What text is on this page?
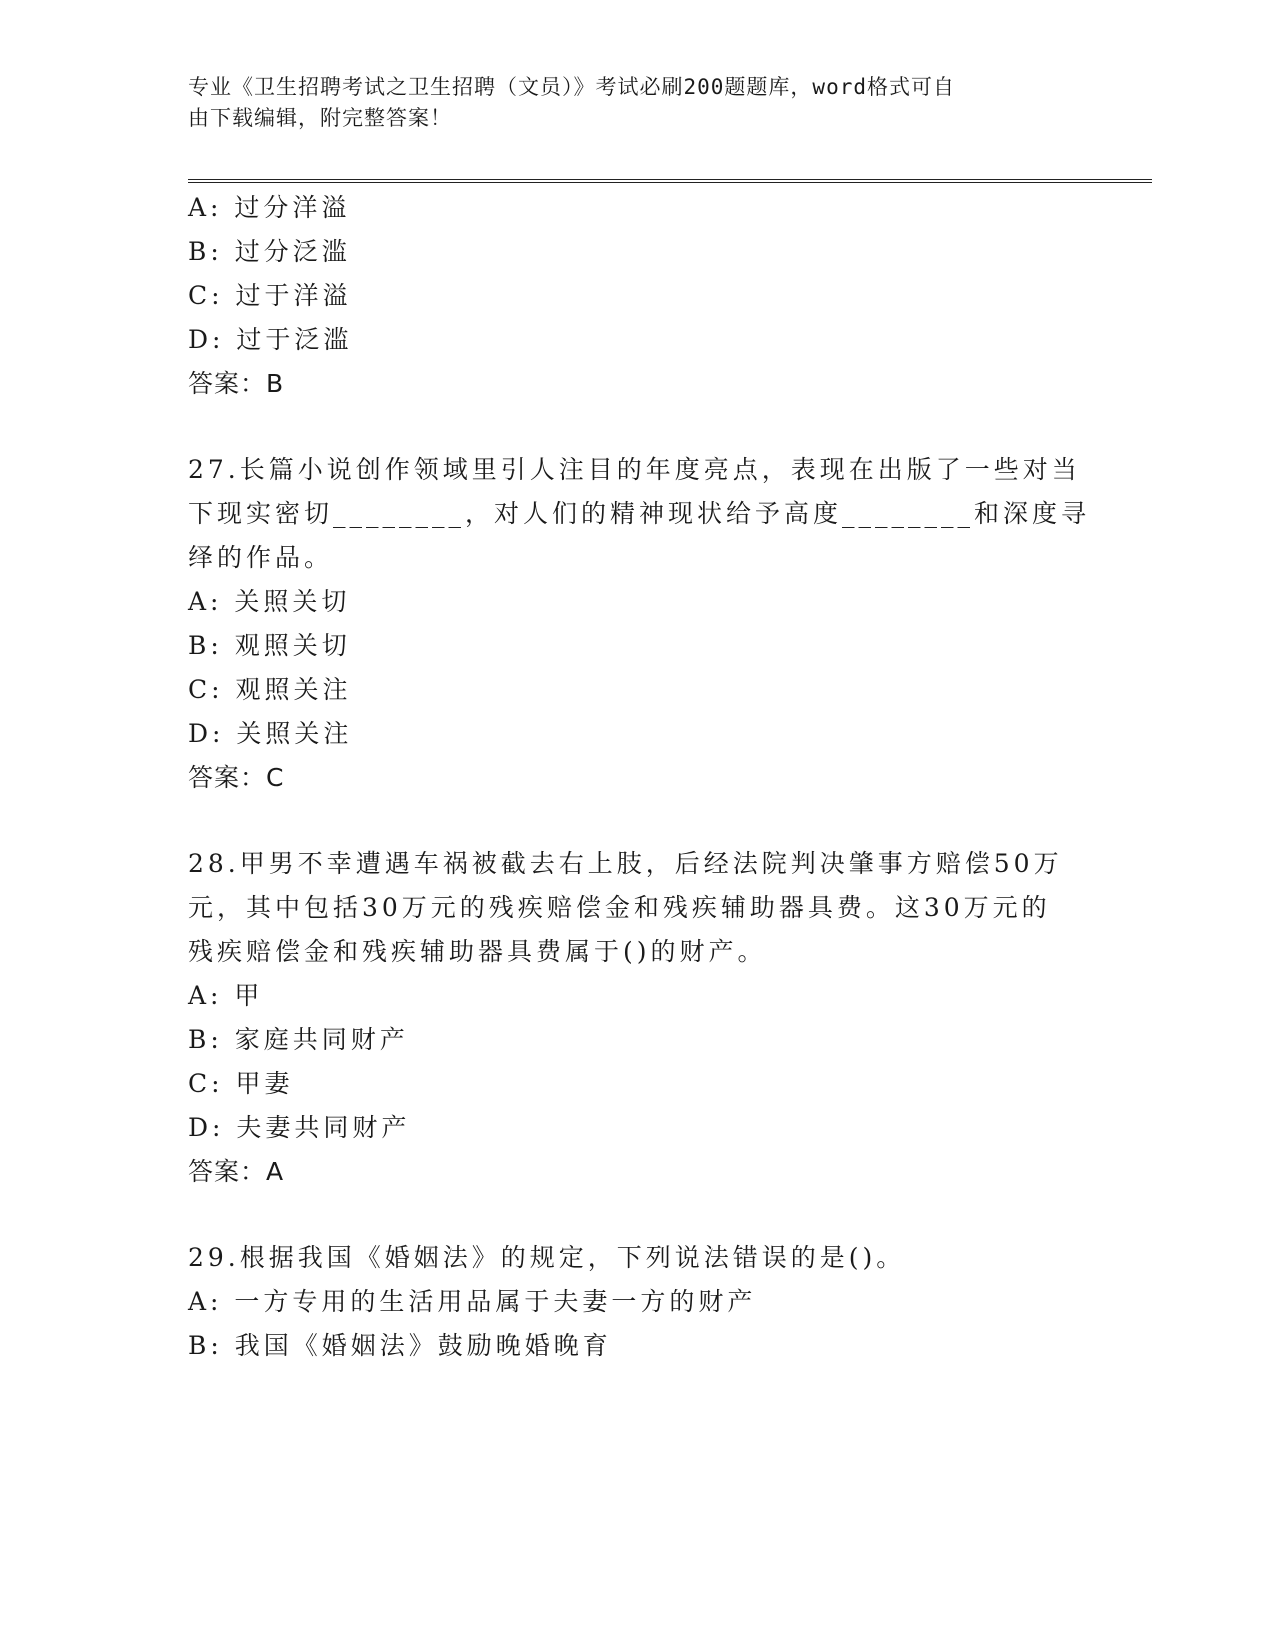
专业《卫生招聘考试之卫生招聘（文员）》考试必刷200题题库，word格式可自
由下载编辑，附完整答案！
A: 过分洋溢
B: 过分泛滥
C: 过于洋溢
D: 过于泛滥
答案：B
27.长篇小说创作领域里引人注目的年度亮点，表现在出版了一些对当
下现实密切________，对人们的精神现状给予高度________和深度寻
绎的作品。
A: 关照关切
B: 观照关切
C: 观照关注
D: 关照关注
答案：C
28.甲男不幸遭遇车祸被截去右上肢，后经法院判决肇事方赔偿50万
元，其中包括30万元的残疾赔偿金和残疾辅助器具费。这30万元的
残疾赔偿金和残疾辅助器具费属于()的财产。
A: 甲
B: 家庭共同财产
C: 甲妻
D: 夫妻共同财产
答案：A
29.根据我国《婚姻法》的规定，下列说法错误的是()。
A: 一方专用的生活用品属于夫妻一方的财产
B: 我国《婚姻法》鼓励晚婚晚育
